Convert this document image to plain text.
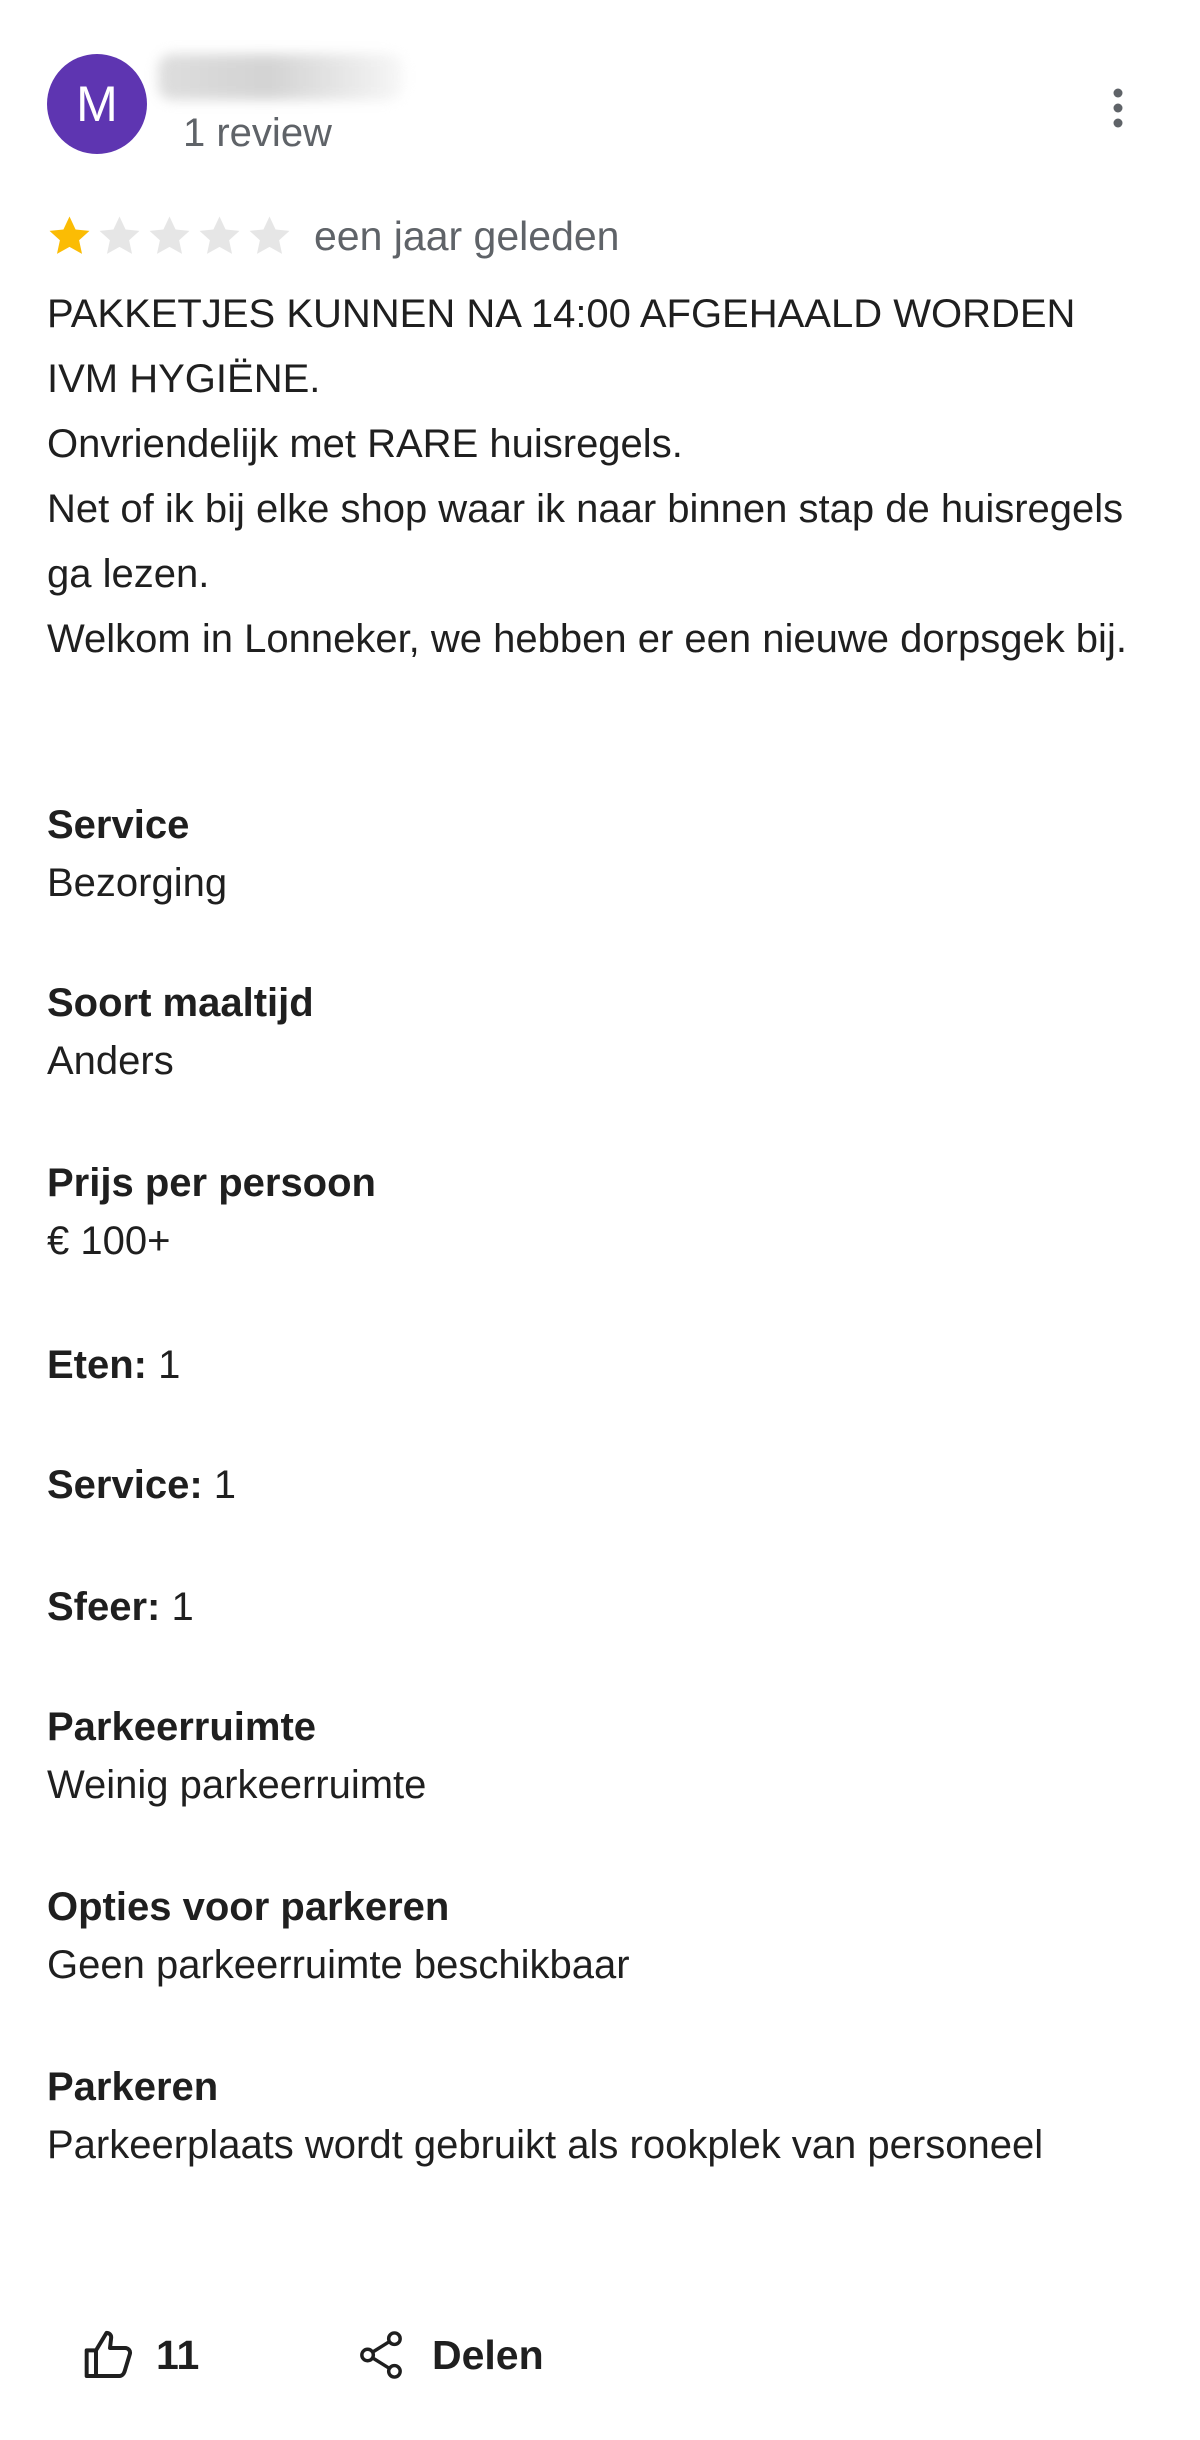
M
1 review
een jaar geleden

PAKKETJES KUNNEN NA 14:00 AFGEHAALD WORDEN IVM HYGIËNE.

Onvriendelijk met RARE huisregels.

Net of ik bij elke shop waar ik naar binnen stap de huisregels ga lezen.

Welkom in Lonneker, we hebben er een nieuwe dorpsgek bij.

Service
Bezorging
Soort maaltijd
Anders
Prijs per persoon
€ 100+
Eten: 1
Service: 1
Sfeer: 1
Parkeerruimte
Weinig parkeerruimte
Opties voor parkeren
Geen parkeerruimte beschikbaar
Parkeren
Parkeerplaats wordt gebruikt als rookplek van personeel
11	Delen
